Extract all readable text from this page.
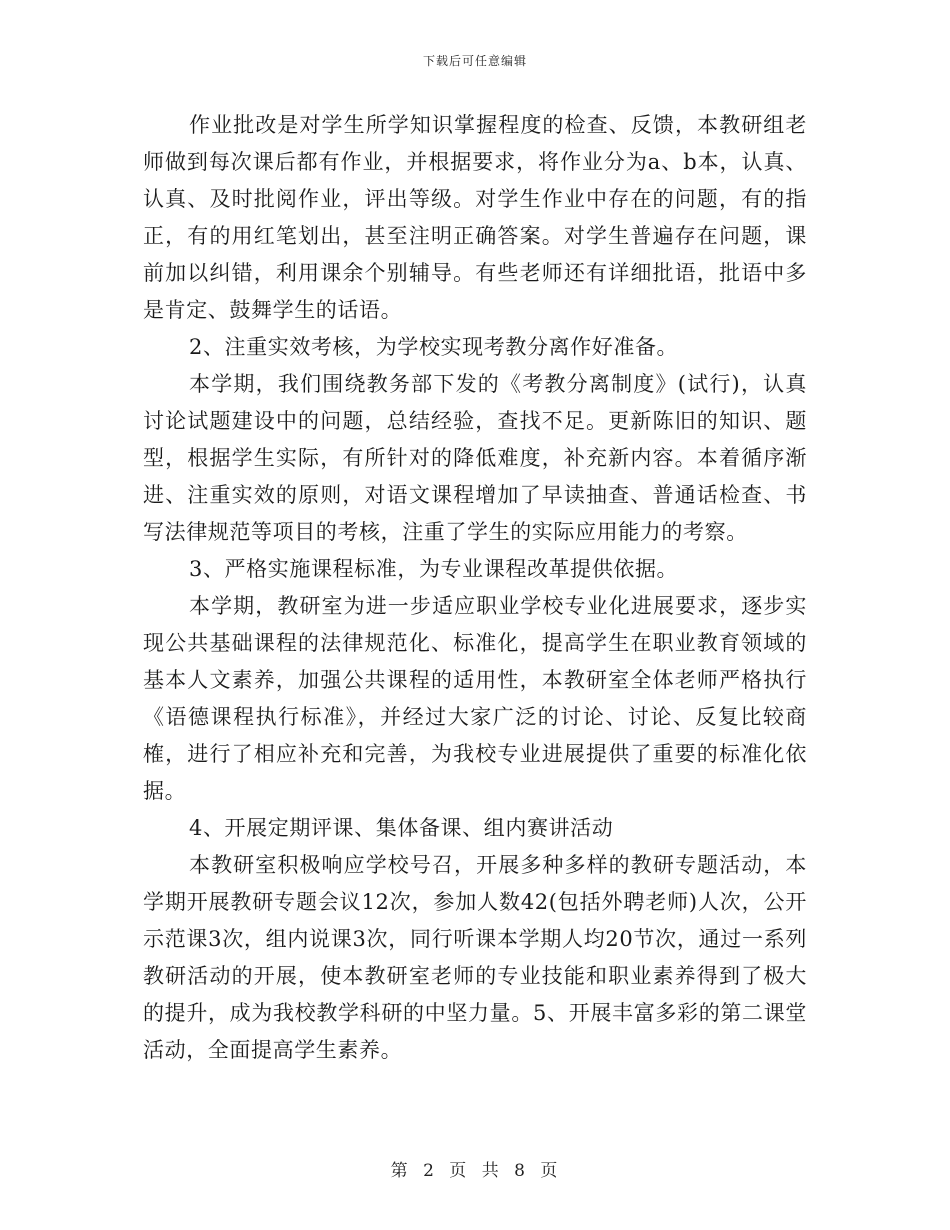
下载后可任意编辑

作业批改是对学生所学知识掌握程度的检查、反馈，本教研组老师做到每次课后都有作业，并根据要求，将作业分为a、b本，认真、认真、及时批阅作业，评出等级。对学生作业中存在的问题，有的指正，有的用红笔划出，甚至注明正确答案。对学生普遍存在问题，课前加以纠错，利用课余个别辅导。有些老师还有详细批语，批语中多是肯定、鼓舞学生的话语。

2、注重实效考核，为学校实现考教分离作好准备。

本学期，我们围绕教务部下发的《考教分离制度》(试行)，认真讨论试题建设中的问题，总结经验，查找不足。更新陈旧的知识、题型，根据学生实际，有所针对的降低难度，补充新内容。本着循序渐进、注重实效的原则，对语文课程增加了早读抽查、普通话检查、书写法律规范等项目的考核，注重了学生的实际应用能力的考察。

3、严格实施课程标准，为专业课程改革提供依据。

本学期，教研室为进一步适应职业学校专业化进展要求，逐步实现公共基础课程的法律规范化、标准化，提高学生在职业教育领域的基本人文素养，加强公共课程的适用性，本教研室全体老师严格执行《语德课程执行标准》，并经过大家广泛的讨论、讨论、反复比较商榷，进行了相应补充和完善，为我校专业进展提供了重要的标准化依据。

4、开展定期评课、集体备课、组内赛讲活动

本教研室积极响应学校号召，开展多种多样的教研专题活动，本学期开展教研专题会议12次，参加人数42(包括外聘老师)人次，公开示范课3次，组内说课3次，同行听课本学期人均20节次，通过一系列教研活动的开展，使本教研室老师的专业技能和职业素养得到了极大的提升，成为我校教学科研的中坚力量。5、开展丰富多彩的第二课堂活动，全面提高学生素养。

第 2 页 共 8 页
